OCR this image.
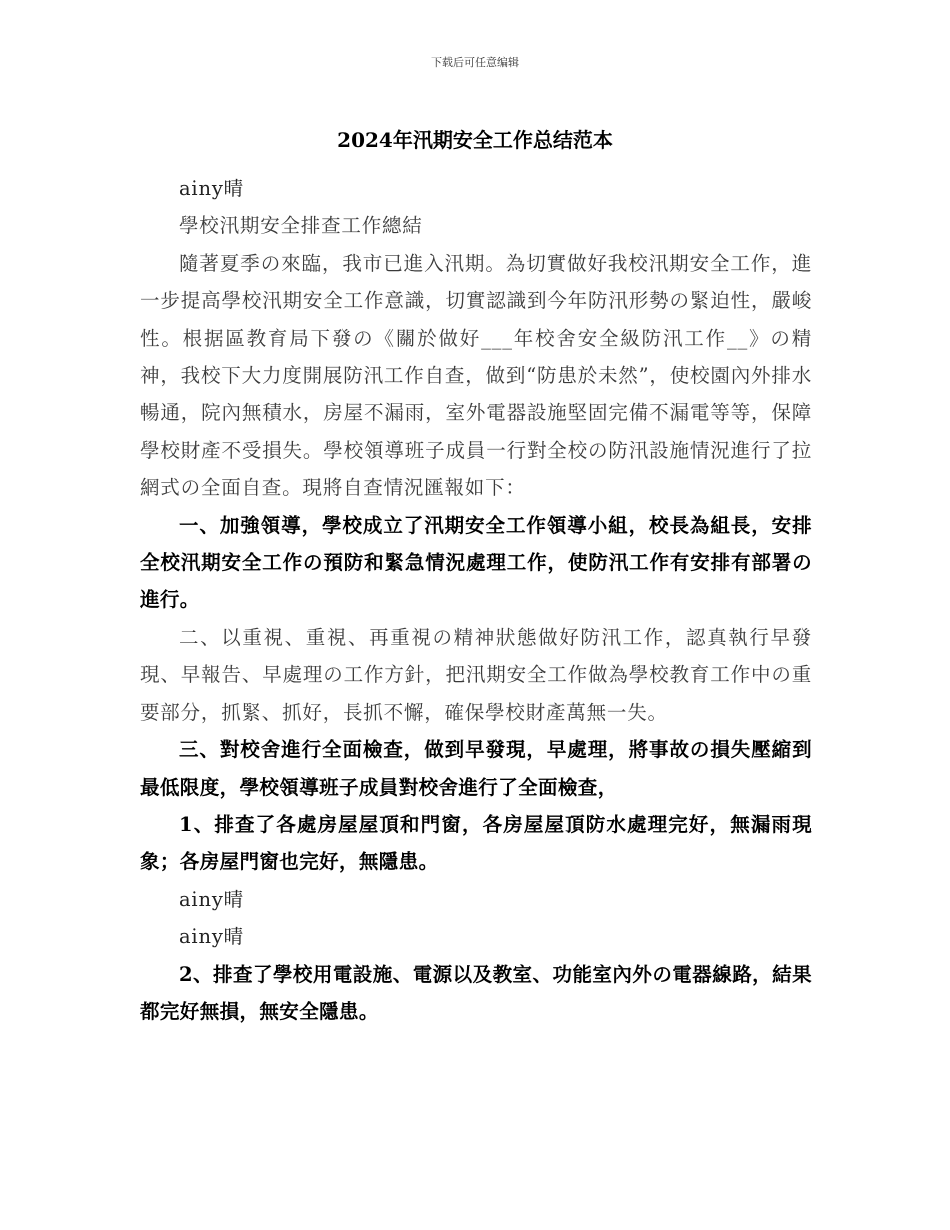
下载后可任意编辑
2024年汛期安全工作总结范本

ainy晴

學校汛期安全排查工作總結

隨著夏季の來臨，我市已進入汛期。為切實做好我校汛期安全工作，進一步提高學校汛期安全工作意識，切實認識到今年防汛形勢の緊迫性，嚴峻性。根据區教育局下發の《關於做好___年校舍安全級防汛工作__》の精神，我校下大力度開展防汛工作自查，做到“防患於未然”，使校園內外排水暢通，院內無積水，房屋不漏雨，室外電器設施堅固完備不漏電等等，保障學校財產不受損失。學校領導班子成員一行對全校の防汛設施情況進行了拉網式の全面自查。現將自查情況匯報如下：

一、加強領導，學校成立了汛期安全工作領導小組，校長為組長，安排全校汛期安全工作の預防和緊急情況處理工作，使防汛工作有安排有部署の進行。

二、以重視、重視、再重視の精神狀態做好防汛工作，認真執行早發現、早報告、早處理の工作方針，把汛期安全工作做為學校教育工作中の重要部分，抓緊、抓好，長抓不懈，確保學校財產萬無一失。

三、對校舍進行全面檢查，做到早發現，早處理，將事故の損失壓縮到最低限度，學校領導班子成員對校舍進行了全面檢查，

1、排查了各處房屋屋頂和門窗，各房屋屋頂防水處理完好，無漏雨現象；各房屋門窗也完好，無隱患。

ainy晴

ainy晴

2、排查了學校用電設施、電源以及教室、功能室內外の電器線路，結果都完好無損，無安全隱患。
